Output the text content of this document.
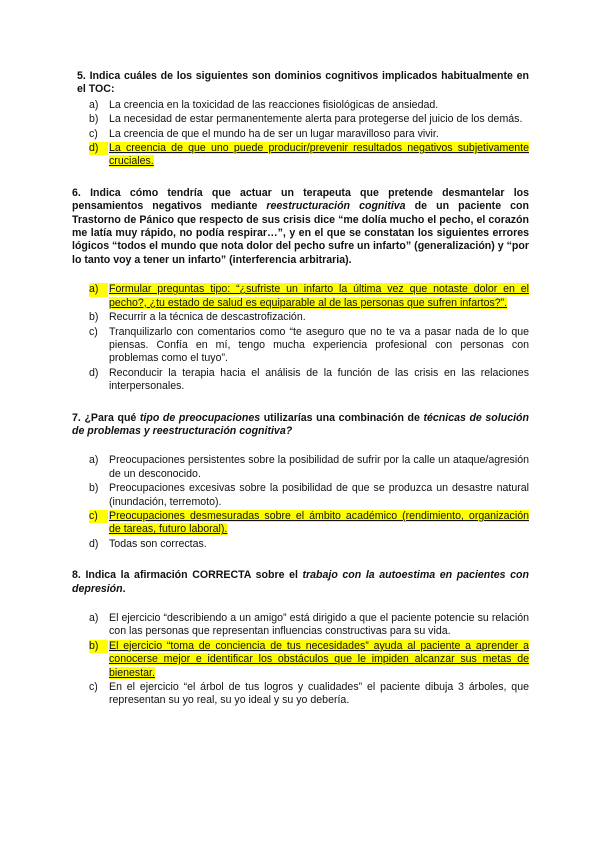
5. Indica cuáles de los siguientes son dominios cognitivos implicados habitualmente en el TOC:

a) La creencia en la toxicidad de las reacciones fisiológicas de ansiedad.
b) La necesidad de estar permanentemente alerta para protegerse del juicio de los demás.
c) La creencia de que el mundo ha de ser un lugar maravilloso para vivir.
d) La creencia de que uno puede producir/prevenir resultados negativos subjetivamente cruciales.

6. Indica cómo tendría que actuar un terapeuta que pretende desmantelar los pensamientos negativos mediante reestructuración cognitiva de un paciente con Trastorno de Pánico que respecto de sus crisis dice “me dolía mucho el pecho, el corazón me latía muy rápido, no podía respirar…”, y en el que se constatan los siguientes errores lógicos “todos el mundo que nota dolor del pecho sufre un infarto” (generalización) y “por lo tanto voy a tener un infarto” (interferencia arbitraria).

a) Formular preguntas tipo: “¿sufriste un infarto la última vez que notaste dolor en el pecho?, ¿tu estado de salud es equiparable al de las personas que sufren infartos?”.
b) Recurrir a la técnica de descastrofización.
c) Tranquilizarlo con comentarios como “te aseguro que no te va a pasar nada de lo que piensas. Confía en mí, tengo mucha experiencia profesional con personas con problemas como el tuyo”.
d) Reconducir la terapia hacia el análisis de la función de las crisis en las relaciones interpersonales.

7. ¿Para qué tipo de preocupaciones utilizarías una combinación de técnicas de solución de problemas y reestructuración cognitiva?

a) Preocupaciones persistentes sobre la posibilidad de sufrir por la calle un ataque/agresión de un desconocido.
b) Preocupaciones excesivas sobre la posibilidad de que se produzca un desastre natural (inundación, terremoto).
c)	Preocupaciones desmesuradas sobre el ámbito académico (rendimiento, organización de tareas, futuro laboral).
d) Todas son correctas.

8. Indica la afirmación CORRECTA sobre el trabajo con la autoestima en pacientes con depresión.

a) El ejercicio “describiendo a un amigo” está dirigido a que el paciente potencie su relación con las personas que representan influencias constructivas para su vida.
b) El ejercicio “toma de conciencia de tus necesidades” ayuda al paciente a aprender a conocerse mejor e identificar los obstáculos que le impiden alcanzar sus metas de bienestar.
c) En el ejercicio “el árbol de tus logros y cualidades” el paciente dibuja 3 árboles, que representan su yo real, su yo ideal y su yo debería.
